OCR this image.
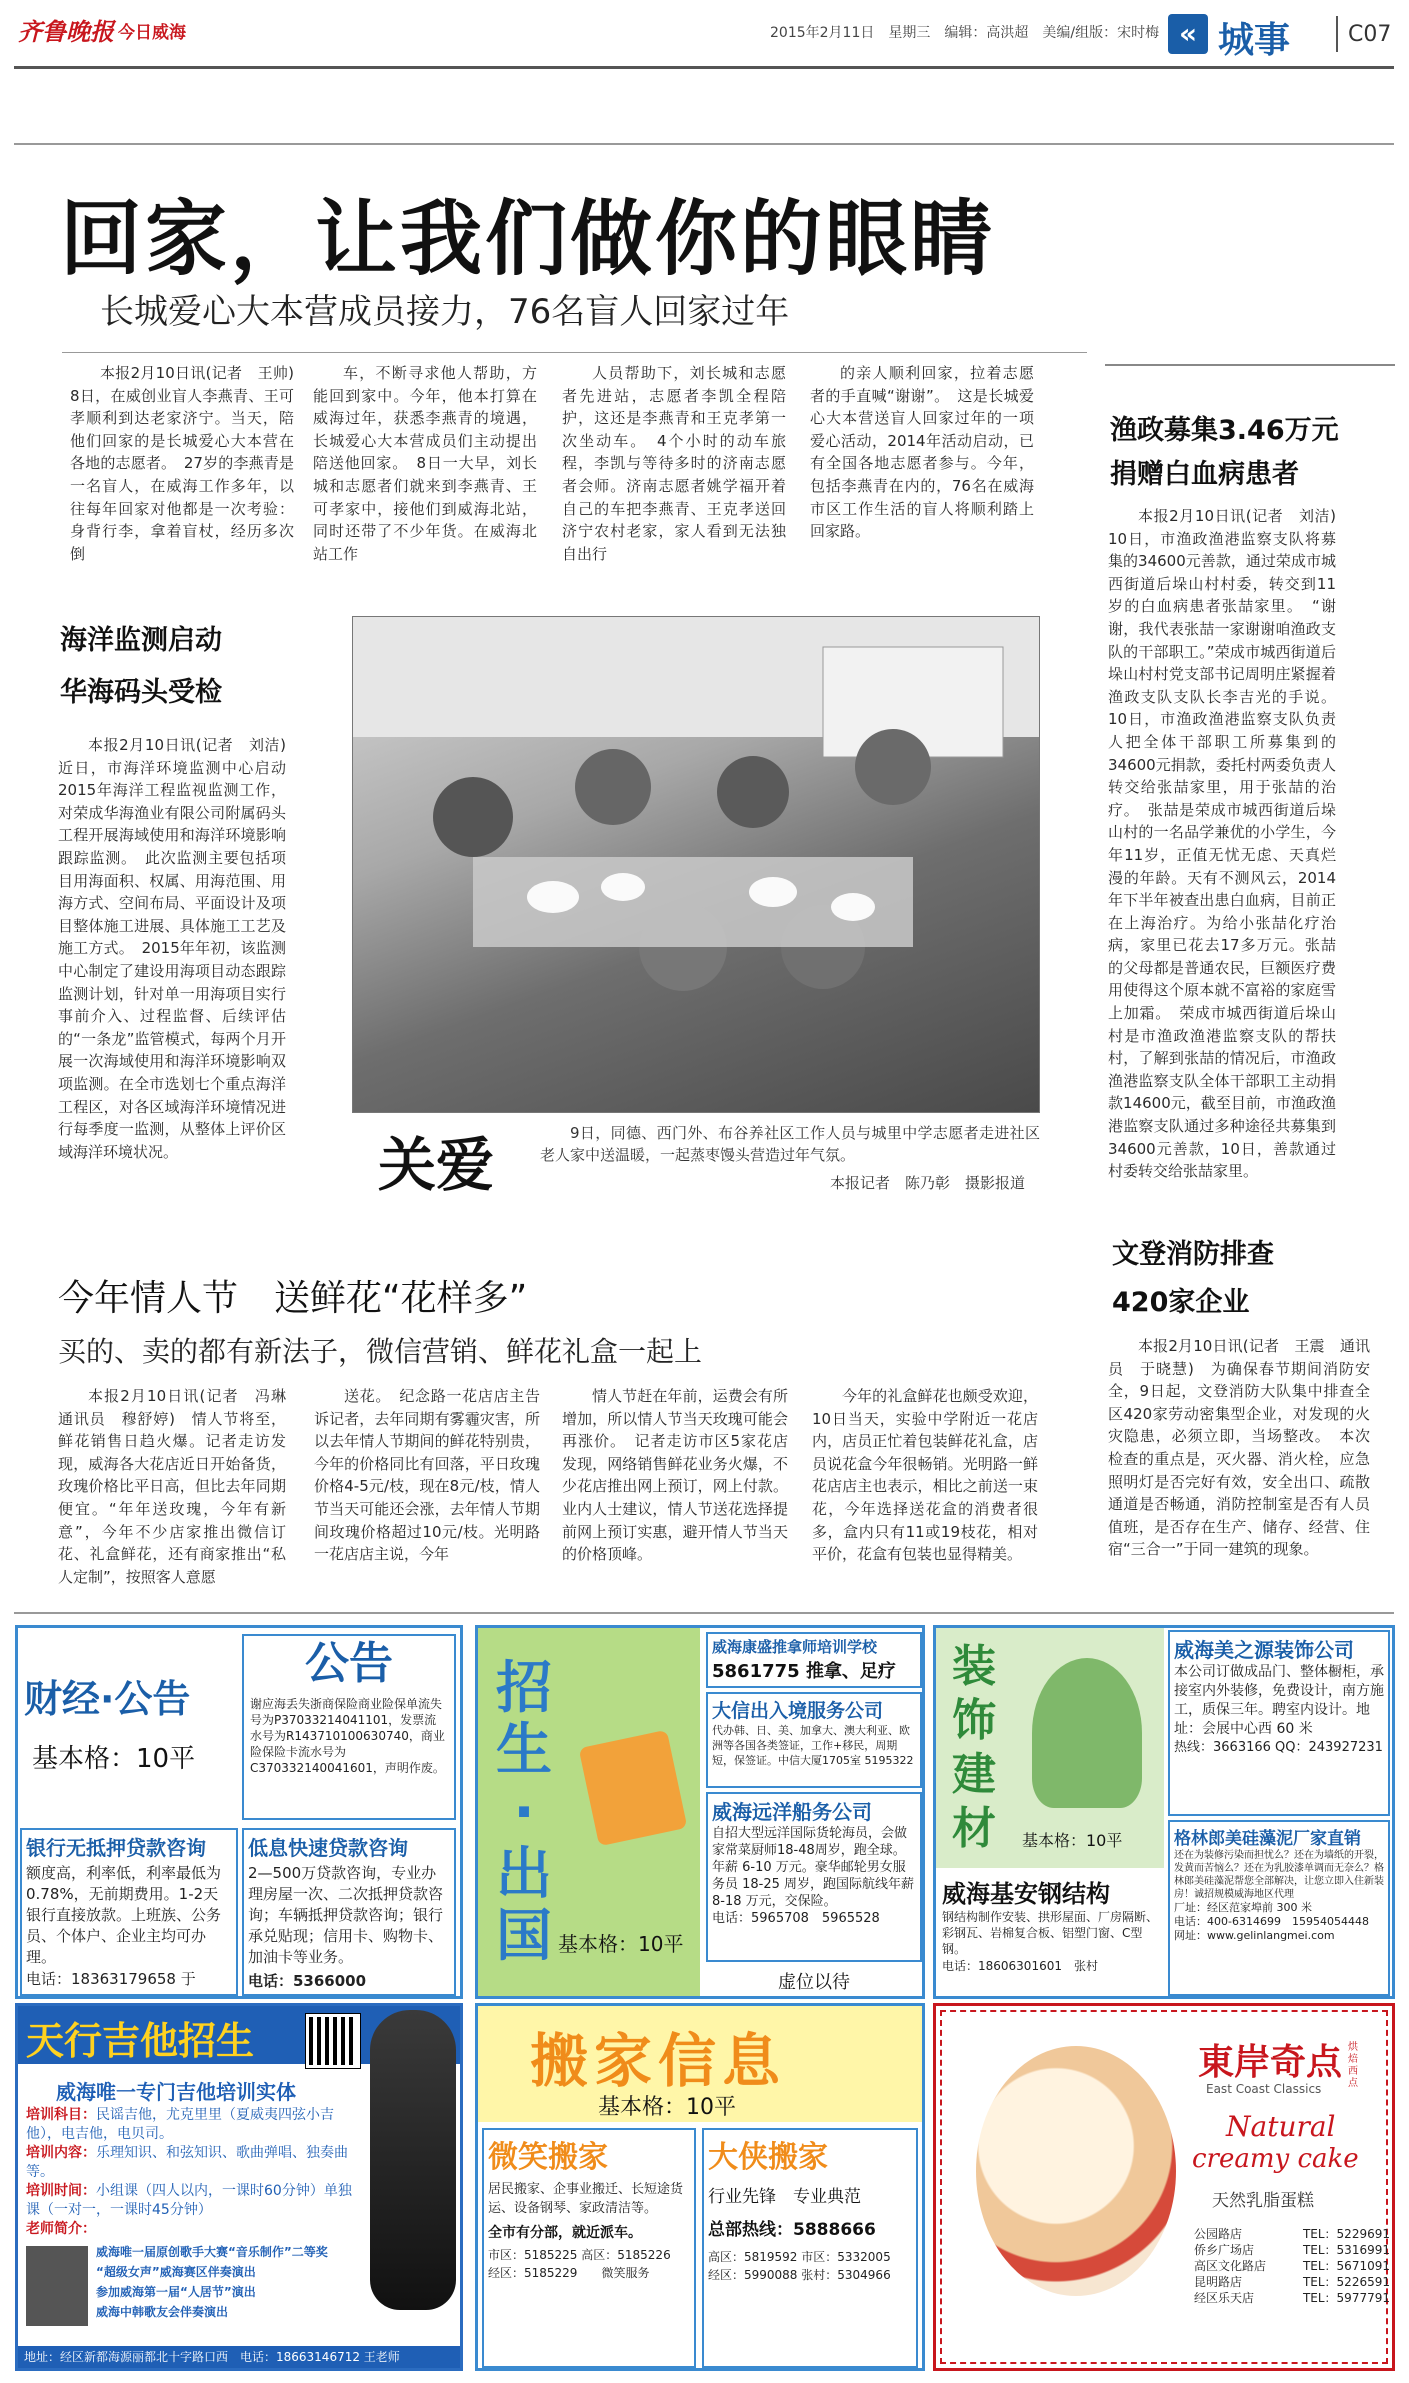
齐鲁晚报 今日威海	2015年2月11日　星期三　编辑：高洪超　美编/组版：宋时梅 « 城事	C07
回家，让我们做你的眼睛
长城爱心大本营成员接力，76名盲人回家过年
本报2月10日讯(记者　王帅)　8日，在威创业盲人李燕青、王可孝顺利到达老家济宁。当天，陪他们回家的是长城爱心大本营在各地的志愿者。　27岁的李燕青是一名盲人，在威海工作多年，以往每年回家对他都是一次考验：身背行李，拿着盲杖，经历多次倒
车，不断寻求他人帮助，方能回到家中。今年，他本打算在威海过年，获悉李燕青的境遇，长城爱心大本营成员们主动提出陪送他回家。　8日一大早，刘长城和志愿者们就来到李燕青、王可孝家中，接他们到威海北站，同时还带了不少年货。在威海北站工作
人员帮助下，刘长城和志愿者先进站，志愿者李凯全程陪护，这还是李燕青和王克孝第一次坐动车。　4个小时的动车旅程，李凯与等待多时的济南志愿者会师。济南志愿者姚学福开着自己的车把李燕青、王克孝送回济宁农村老家，家人看到无法独自出行
的亲人顺利回家，拉着志愿者的手直喊“谢谢”。　这是长城爱心大本营送盲人回家过年的一项爱心活动，2014年活动启动，已有全国各地志愿者参与。今年，包括李燕青在内的，76名在威海市区工作生活的盲人将顺利踏上回家路。
海洋监测启动
华海码头受检
本报2月10日讯(记者　刘洁)　近日，市海洋环境监测中心启动2015年海洋工程监视监测工作，对荣成华海渔业有限公司附属码头工程开展海域使用和海洋环境影响跟踪监测。　此次监测主要包括项目用海面积、权属、用海范围、用海方式、空间布局、平面设计及项目整体施工进展、具体施工工艺及施工方式。　2015年年初，该监测中心制定了建设用海项目动态跟踪监测计划，针对单一用海项目实行事前介入、过程监督、后续评估的“一条龙”监管模式，每两个月开展一次海域使用和海洋环境影响双项监测。在全市选划七个重点海洋工程区，对各区域海洋环境情况进行每季度一监测，从整体上评价区域海洋环境状况。	关爱	9日，同德、西门外、布谷养社区工作人员与城里中学志愿者走进社区老人家中送温暖，一起蒸枣馒头营造过年气氛。
本报记者　陈乃彰　摄影报道
渔政募集3.46万元
捐赠白血病患者
本报2月10日讯(记者　刘洁)　10日，市渔政渔港监察支队将募集的34600元善款，通过荣成市城西街道后垛山村村委，转交到11岁的白血病患者张喆家里。　“谢谢，我代表张喆一家谢谢咱渔政支队的干部职工。”荣成市城西街道后垛山村村党支部书记周明庄紧握着渔政支队支队长李吉光的手说。10日，市渔政渔港监察支队负责人把全体干部职工所募集到的34600元捐款，委托村两委负责人转交给张喆家里，用于张喆的治疗。　张喆是荣成市城西街道后垛山村的一名品学兼优的小学生，今年11岁，正值无忧无虑、天真烂漫的年龄。天有不测风云，2014年下半年被查出患白血病，目前正在上海治疗。为给小张喆化疗治病，家里已花去17多万元。张喆的父母都是普通农民，巨额医疗费用使得这个原本就不富裕的家庭雪上加霜。　荣成市城西街道后垛山村是市渔政渔港监察支队的帮扶村，了解到张喆的情况后，市渔政渔港监察支队全体干部职工主动捐款14600元，截至目前，市渔政渔港监察支队通过多种途径共募集到34600元善款，10日，善款通过村委转交给张喆家里。
文登消防排查
420家企业
本报2月10日讯(记者　王震　通讯员　于晓慧)　为确保春节期间消防安全，9日起，文登消防大队集中排查全区420家劳动密集型企业，对发现的火灾隐患，必须立即，当场整改。　本次检查的重点是，灭火器、消火栓，应急照明灯是否完好有效，安全出口、疏散通道是否畅通，消防控制室是否有人员值班，是否存在生产、储存、经营、住宿“三合一”于同一建筑的现象。
今年情人节　送鲜花“花样多”
买的、卖的都有新法子，微信营销、鲜花礼盒一起上
本报2月10日讯(记者　冯琳　通讯员　穆舒婷)　情人节将至，鲜花销售日趋火爆。记者走访发现，威海各大花店近日开始备货，玫瑰价格比平日高，但比去年同期便宜。“年年送玫瑰，今年有新意”，今年不少店家推出微信订花、礼盒鲜花，还有商家推出“私人定制”，按照客人意愿
送花。　纪念路一花店店主告诉记者，去年同期有雾霾灾害，所以去年情人节期间的鲜花特别贵，今年的价格同比有回落，平日玫瑰价格4-5元/枝，现在8元/枝，情人节当天可能还会涨，去年情人节期间玫瑰价格超过10元/枝。光明路一花店店主说，今年
情人节赶在年前，运费会有所增加，所以情人节当天玫瑰可能会再涨价。　记者走访市区5家花店发现，网络销售鲜花业务火爆，不少花店推出网上预订，网上付款。业内人士建议，情人节送花选择提前网上预订实惠，避开情人节当天的价格顶峰。
今年的礼盒鲜花也颇受欢迎，10日当天，实验中学附近一花店内，店员正忙着包装鲜花礼盒，店员说花盒今年很畅销。光明路一鲜花店店主也表示，相比之前送一束花，今年选择送花盒的消费者很多，盒内只有11或19枝花，相对平价，花盒有包装也显得精美。
财经·公告
基本格：10平
公告
谢应海丢失浙商保险商业险保单流失号为P37033214041101，发票流水号为R143710100630740，商业险保险卡流水号为C370332140041601，声明作废。
银行无抵押贷款咨询
额度高，利率低，利率最低为0.78%，无前期费用。1-2天银行直接放款。上班族、公务员、个体户、企业主均可办理。
电话：18363179658 于
低息快速贷款咨询
2—500万贷款咨询，专业办理房屋一次、二次抵押贷款咨询；车辆抵押贷款咨询；银行承兑贴现；信用卡、购物卡、加油卡等业务。
电话：5366000
招生·出国 基本格：10平
威海康盛推拿师培训学校
5861775 推拿、足疗
大信出入境服务公司
代办韩、日、美、加拿大、澳大利亚、欧洲等各国各类签证，工作+移民，周期短，保签证。中信大厦1705室 5195322
威海远洋船务公司
自招大型远洋国际货轮海员，会做家常菜厨师18-48周岁，跑全球。年薪 6-10 万元。豪华邮轮男女服务员 18-25 周岁，跑国际航线年薪 8-18 万元，交保险。
电话：5965708　5965528
虚位以待
装饰建材	基本格：10平
威海美之源装饰公司
本公司订做成品门、整体橱柜，承接室内外装修，免费设计，南方施工，质保三年。聘室内设计。地址：会展中心西 60 米
热线：3663166 QQ：243927231
格林郎美硅藻泥厂家直销
还在为装修污染而担忧么？还在为墙纸的开裂，发黄而苦恼么？还在为乳胶漆单调而无奈么？格林郎美硅藻泥帮您全部解决，让您立即入住新装房！诚招规模威海地区代理
厂址：经区范家埠前 300 米
电话：400-6314699　15954054448
网址：www.gelinlangmei.com
威海基安钢结构
钢结构制作安装、拱形屋面、厂房隔断、彩钢瓦、岩棉复合板、铝塑门窗、C型钢。
电话：18606301601　张村
天行吉他招生
威海唯一专门吉他培训实体
培训科目：民谣吉他，尤克里里（夏威夷四弦小吉他），电吉他，电贝司。
培训内容：乐理知识、和弦知识、歌曲弹唱、独奏曲等。
培训时间：小组课（四人以内，一课时60分钟）单独课（一对一，一课时45分钟）
老师简介：
威海唯一届原创歌手大赛“音乐制作”二等奖
“超级女声”威海赛区伴奏演出
参加威海第一届“人居节”演出
威海中韩歌友会伴奏演出
地址：经区新都海源丽都北十字路口西　电话：18663146712 王老师
搬家信息
基本格：10平
微笑搬家
居民搬家、企事业搬迁、长短途货运、设备钢琴、家政清洁等。
全市有分部，就近派车。
市区：5185225 高区：5185226
经区：5185229　　微笑服务
大侠搬家
行业先锋　专业典范
总部热线：5888666
高区：5819592 市区：5332005
经区：5990088 张村：5304966
東岸奇点 烘焙西点
East Coast Classics
Natural
creamy cake
天然乳脂蛋糕
公园路店	TEL：5229691
侨乡广场店	TEL：5316991
高区文化路店	TEL：5671091
昆明路店	TEL：5226591
经区乐天店	TEL：5977791
